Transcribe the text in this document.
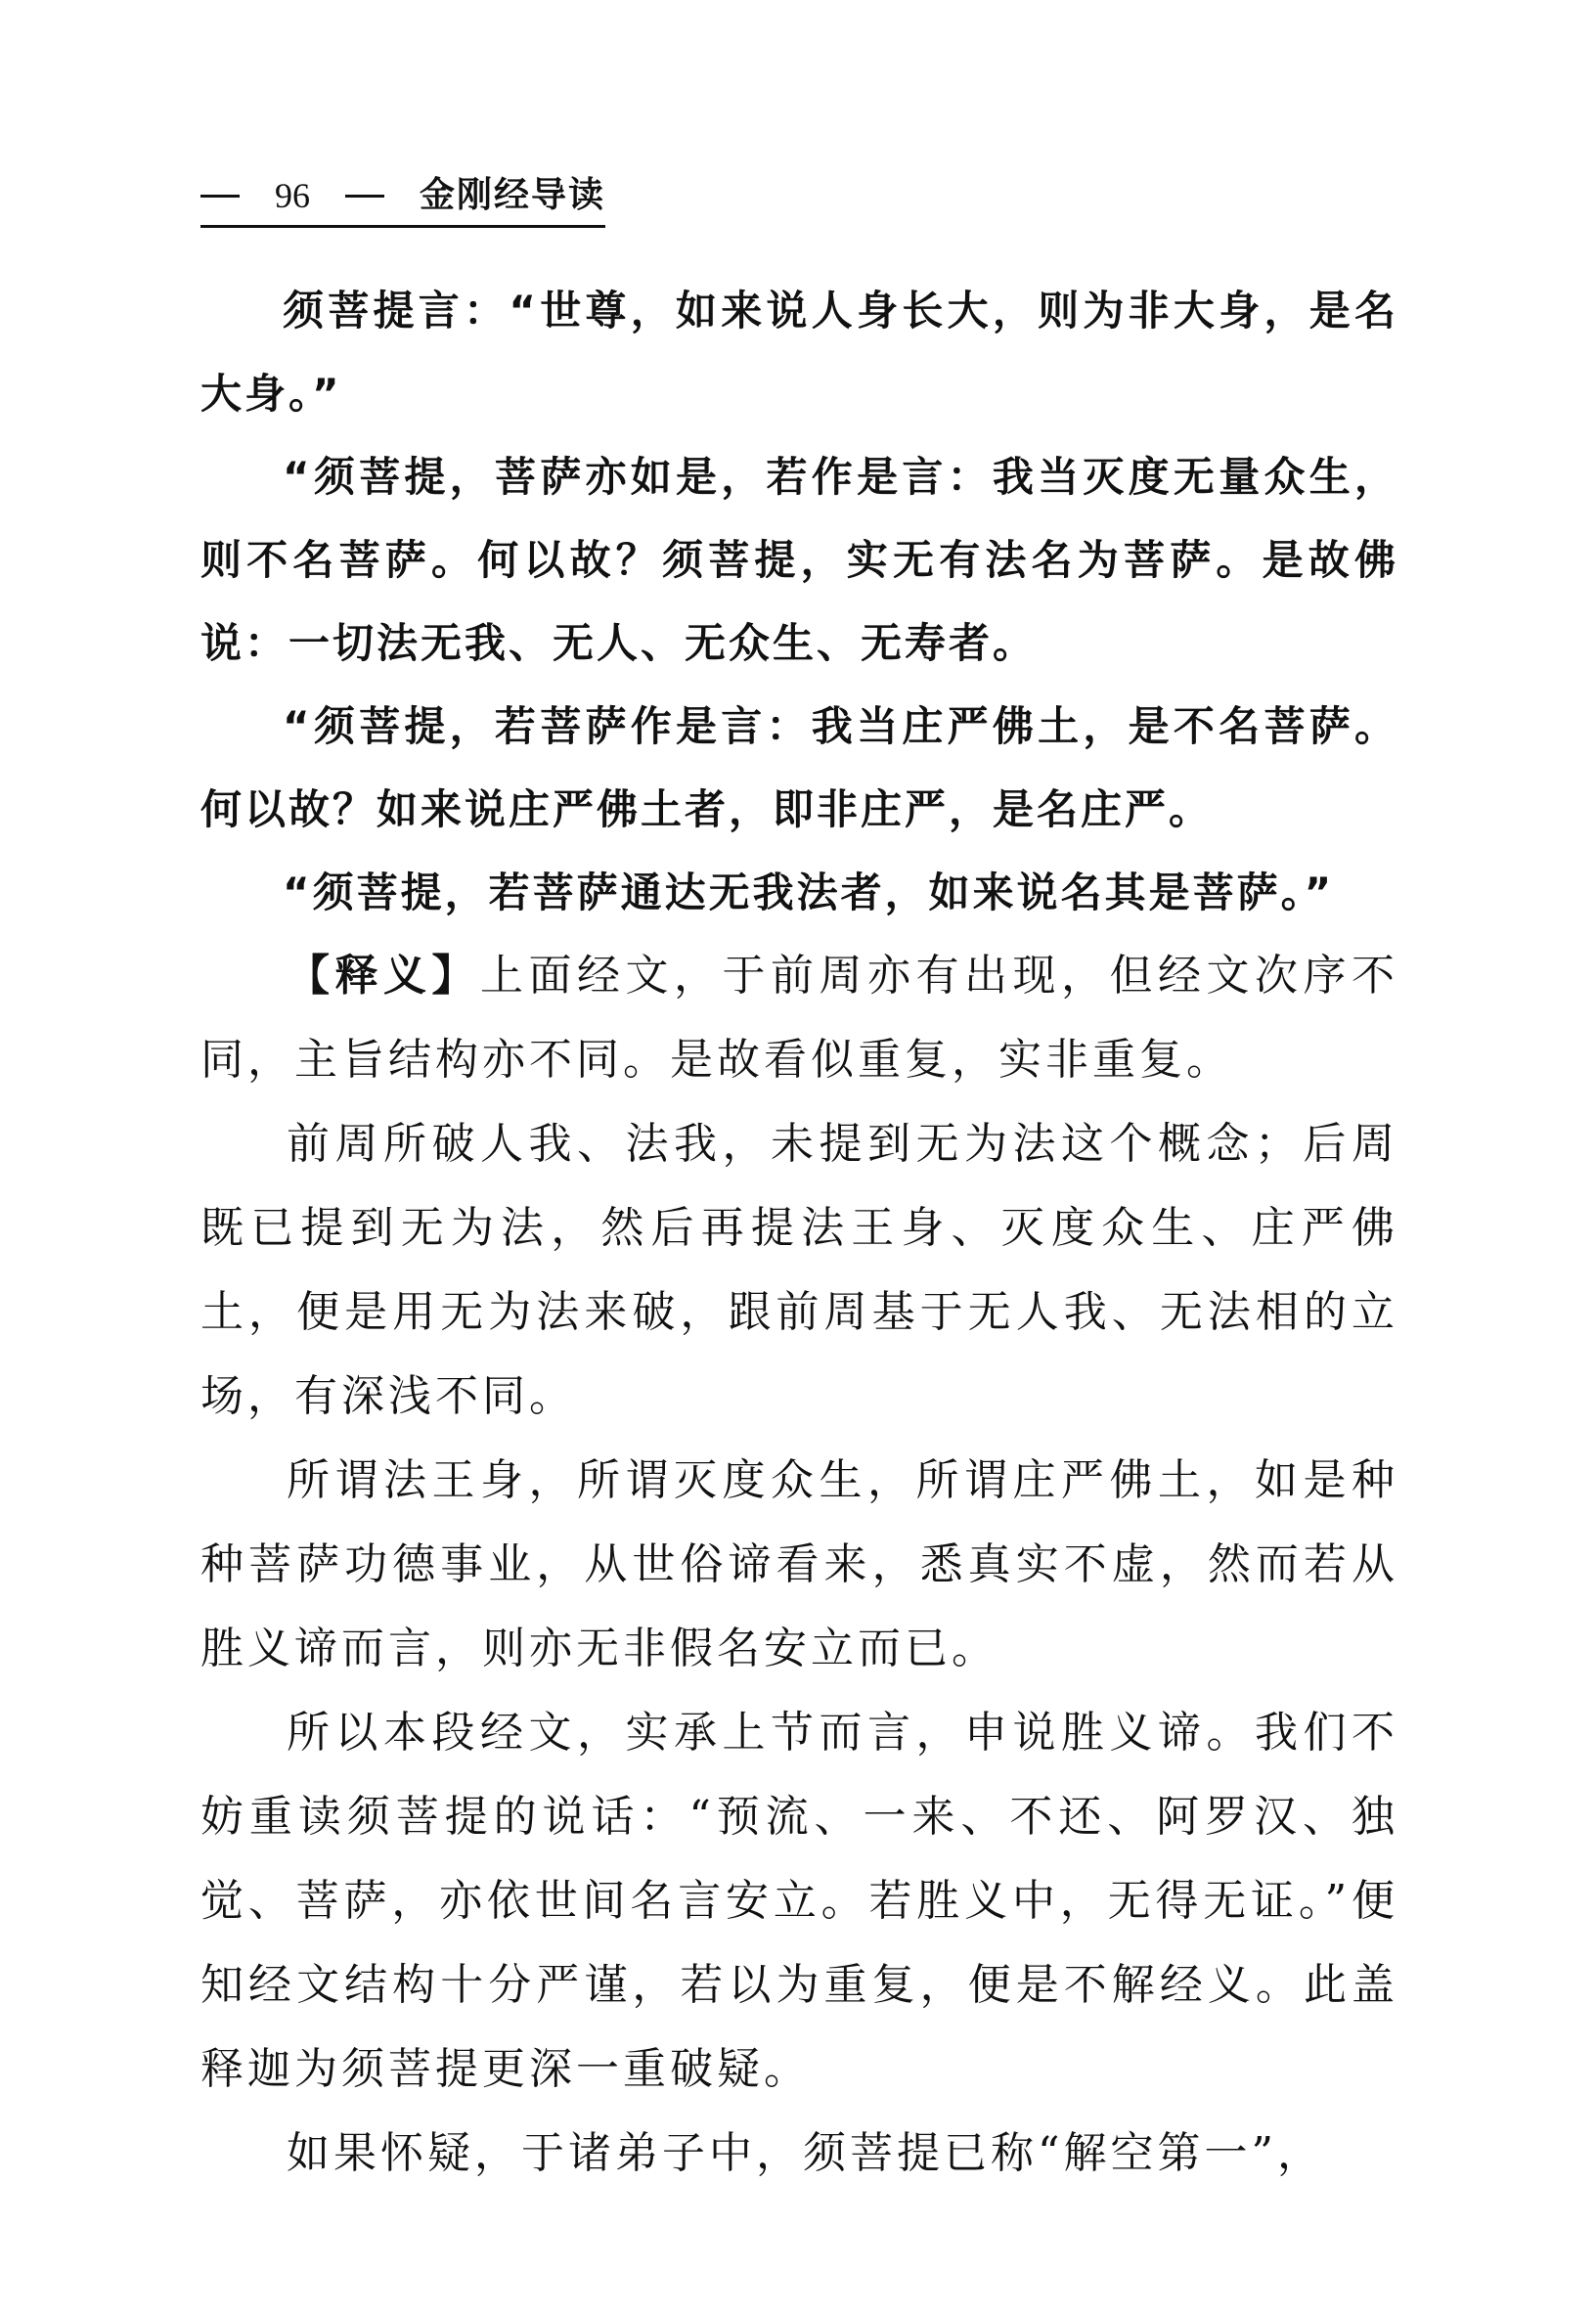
96	金刚经导读

须菩提言：“世尊，如来说人身长大，则为非大身，是名大身。”

“须菩提，菩萨亦如是，若作是言：我当灭度无量众生，则不名菩萨。何以故？须菩提，实无有法名为菩萨。是故佛说：一切法无我、无人、无众生、无寿者。

“须菩提，若菩萨作是言：我当庄严佛土，是不名菩萨。何以故？如来说庄严佛土者，即非庄严，是名庄严。

“须菩提，若菩萨通达无我法者，如来说名其是菩萨。”

【释义】上面经文，于前周亦有出现，但经文次序不同，主旨结构亦不同。是故看似重复，实非重复。

前周所破人我、法我，未提到无为法这个概念；后周既已提到无为法，然后再提法王身、灭度众生、庄严佛土，便是用无为法来破，跟前周基于无人我、无法相的立场，有深浅不同。

所谓法王身，所谓灭度众生，所谓庄严佛土，如是种种菩萨功德事业，从世俗谛看来，悉真实不虚，然而若从胜义谛而言，则亦无非假名安立而已。

所以本段经文，实承上节而言，申说胜义谛。我们不妨重读须菩提的说话：“预流、一来、不还、阿罗汉、独觉、菩萨，亦依世间名言安立。若胜义中，无得无证。”便知经文结构十分严谨，若以为重复，便是不解经义。此盖释迦为须菩提更深一重破疑。

如果怀疑，于诸弟子中，须菩提已称“解空第一”，
